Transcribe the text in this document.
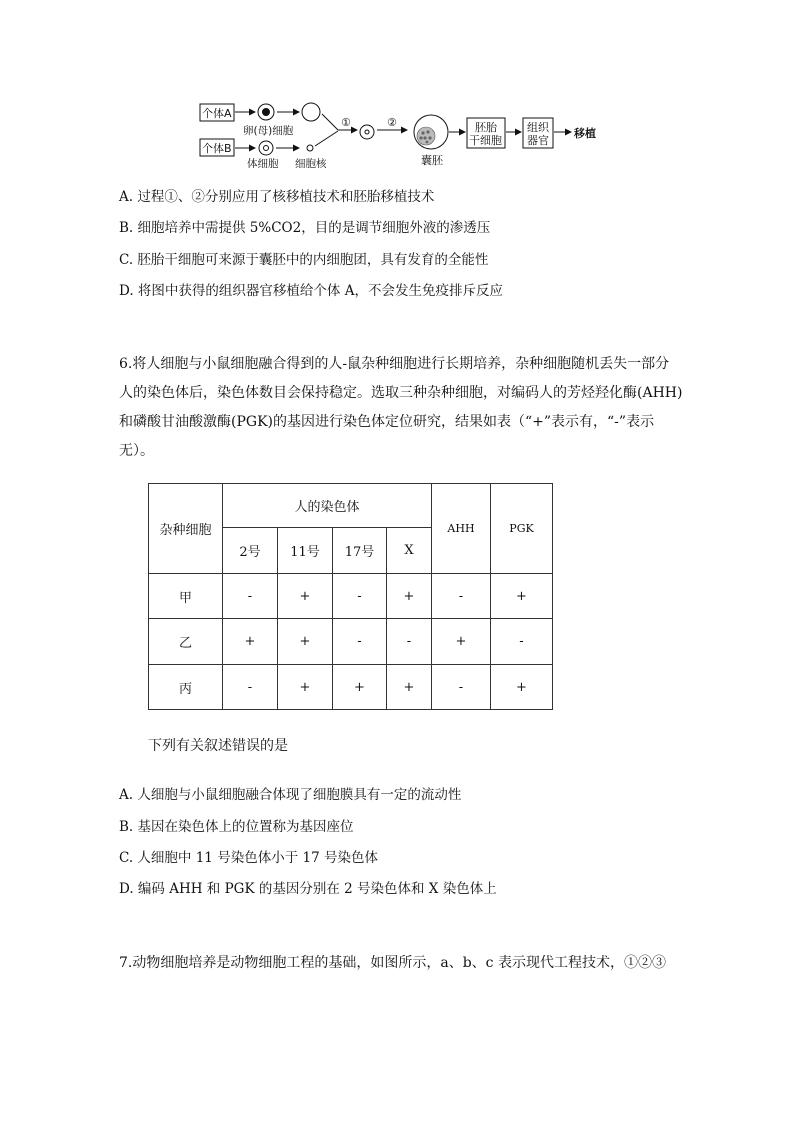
个体A
卵(母)细胞
个体B
体细胞 细胞核
①	②
囊胚
胚胎
干细胞
组织
器官
移植
A. 过程①、②分别应用了核移植技术和胚胎移植技术
B. 细胞培养中需提供 5%CO2，目的是调节细胞外液的渗透压
C. 胚胎干细胞可来源于囊胚中的内细胞团，具有发育的全能性
D. 将图中获得的组织器官移植给个体 A，不会发生免疫排斥反应
6.将人细胞与小鼠细胞融合得到的人-鼠杂种细胞进行长期培养，杂种细胞随机丢失一部分
人的染色体后，染色体数目会保持稳定。选取三种杂种细胞，对编码人的芳烃羟化酶(AHH)
和磷酸甘油酸激酶(PGK)的基因进行染色体定位研究，结果如表（“+”表示有，“-”表示
无）。
杂种细胞	人的染色体				AHH	PGK
	2号	11号	17号	X		
甲	-	+	-	+	-	+
乙	+	+	-	-	+	-
丙	-	+	+	+	-	+
下列有关叙述错误的是
A. 人细胞与小鼠细胞融合体现了细胞膜具有一定的流动性
B. 基因在染色体上的位置称为基因座位
C. 人细胞中 11 号染色体小于 17 号染色体
D. 编码 AHH 和 PGK 的基因分别在 2 号染色体和 X 染色体上
7.动物细胞培养是动物细胞工程的基础，如图所示，a、b、c 表示现代工程技术，①②③
